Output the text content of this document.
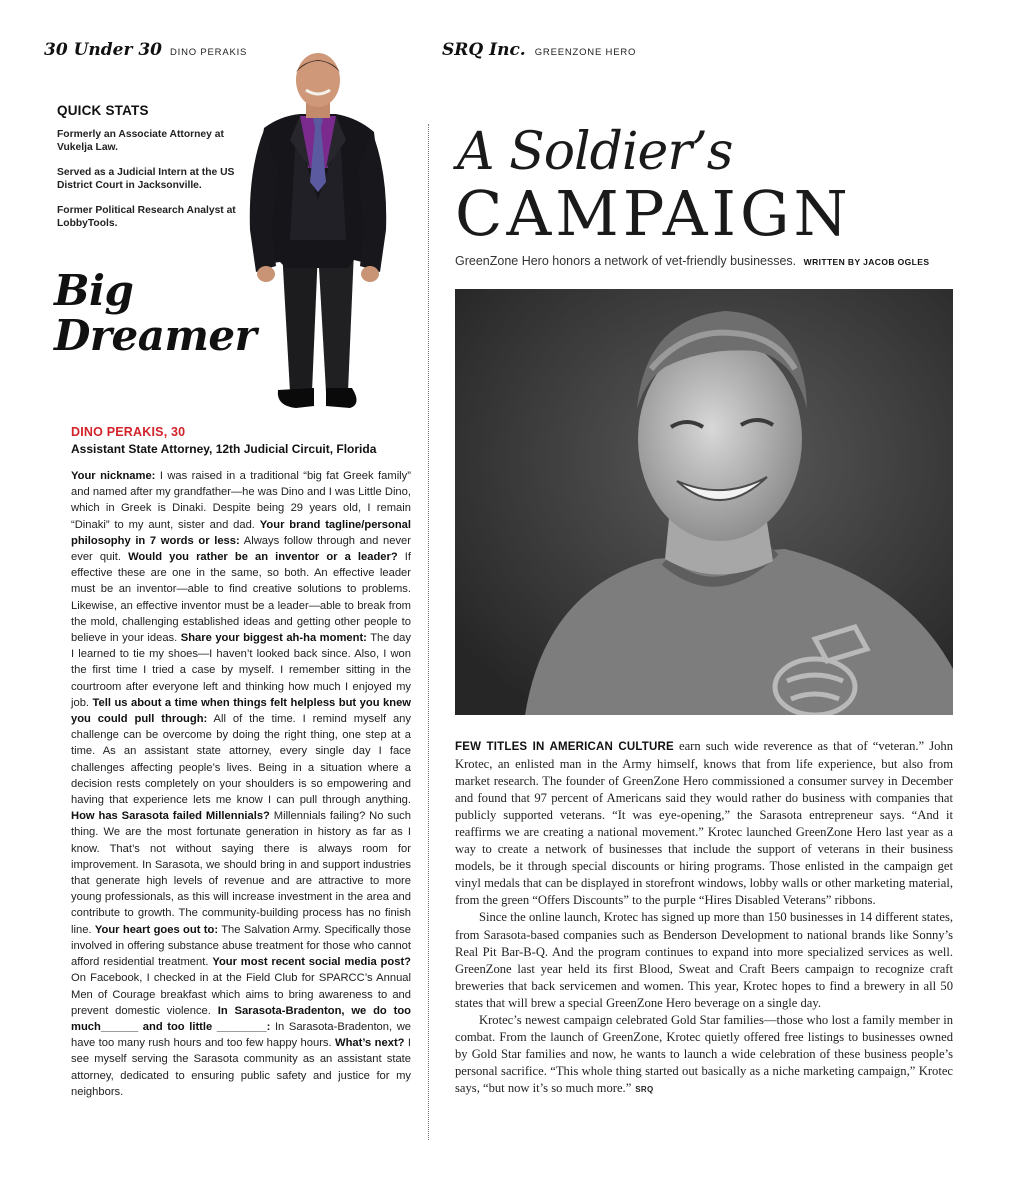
30 Under 30 DINO PERAKIS	SRQ Inc. GREENZONE HERO
QUICK STATS
Formerly an Associate Attorney at Vukelja Law.
Served as a Judicial Intern at the US District Court in Jacksonville.
Former Political Research Analyst at LobbyTools.
Big
Dreamer
DINO PERAKIS, 30
Assistant State Attorney, 12th Judicial Circuit, Florida
Your nickname: I was raised in a traditional “big fat Greek family” and named after my grandfather—he was Dino and I was Little Dino, which in Greek is Dinaki. Despite being 29 years old, I remain “Dinaki” to my aunt, sister and dad. Your brand tagline/personal philosophy in 7 words or less: Always follow through and never ever quit. Would you rather be an inventor or a leader? If effective these are one in the same, so both. An effective leader must be an inventor—able to find creative solutions to problems. Likewise, an effective inventor must be a leader—able to break from the mold, challenging established ideas and getting other people to believe in your ideas. Share your biggest ah-ha moment: The day I learned to tie my shoes—I haven’t looked back since. Also, I won the first time I tried a case by myself. I remember sitting in the courtroom after everyone left and thinking how much I enjoyed my job. Tell us about a time when things felt helpless but you knew you could pull through: All of the time. I remind myself any challenge can be overcome by doing the right thing, one step at a time. As an assistant state attorney, every single day I face challenges affecting people’s lives. Being in a situation where a decision rests completely on your shoulders is so empowering and having that experience lets me know I can pull through anything. How has Sarasota failed Millennials? Millennials failing? No such thing. We are the most fortunate generation in history as far as I know. That’s not without saying there is always room for improvement. In Sarasota, we should bring in and support industries that generate high levels of revenue and are attractive to more young professionals, as this will increase investment in the area and contribute to growth. The community-building process has no finish line. Your heart goes out to: The Salvation Army. Specifically those involved in offering substance abuse treatment for those who cannot afford residential treatment. Your most recent social media post? On Facebook, I checked in at the Field Club for SPARCC’s Annual Men of Courage breakfast which aims to bring awareness to and prevent domestic violence. In Sarasota-Bradenton, we do too much______ and too little ________: In Sarasota-Bradenton, we have too many rush hours and too few happy hours. What’s next? I see myself serving the Sarasota community as an assistant state attorney, dedicated to ensuring public safety and justice for my neighbors.
A Soldier’s
CAMPAIGN
GreenZone Hero honors a network of vet-friendly businesses. WRITTEN BY JACOB OGLES

FEW TITLES IN AMERICAN CULTURE earn such wide reverence as that of “veteran.” John Krotec, an enlisted man in the Army himself, knows that from life experience, but also from market research. The founder of GreenZone Hero commissioned a consumer survey in December and found that 97 percent of Americans said they would rather do business with companies that publicly supported veterans. “It was eye-opening,” the Sarasota entrepreneur says. “And it reaffirms we are creating a national movement.” Krotec launched GreenZone Hero last year as a way to create a network of businesses that include the support of veterans in their business models, be it through special discounts or hiring programs. Those enlisted in the campaign get vinyl medals that can be displayed in storefront windows, lobby walls or other marketing material, from the green “Offers Discounts” to the purple “Hires Disabled Veterans” ribbons.

Since the online launch, Krotec has signed up more than 150 businesses in 14 different states, from Sarasota-based companies such as Benderson Development to national brands like Sonny’s Real Pit Bar-B-Q. And the program continues to expand into more specialized services as well. GreenZone last year held its first Blood, Sweat and Craft Beers campaign to recognize craft breweries that back servicemen and women. This year, Krotec hopes to find a brewery in all 50 states that will brew a special GreenZone Hero beverage on a single day.

Krotec’s newest campaign celebrated Gold Star families—those who lost a family member in combat. From the launch of GreenZone, Krotec quietly offered free listings to businesses owned by Gold Star families and now, he wants to launch a wide celebration of these business people’s personal sacrifice. “This whole thing started out basically as a niche marketing campaign,” Krotec says, “but now it’s so much more.” SRQ
